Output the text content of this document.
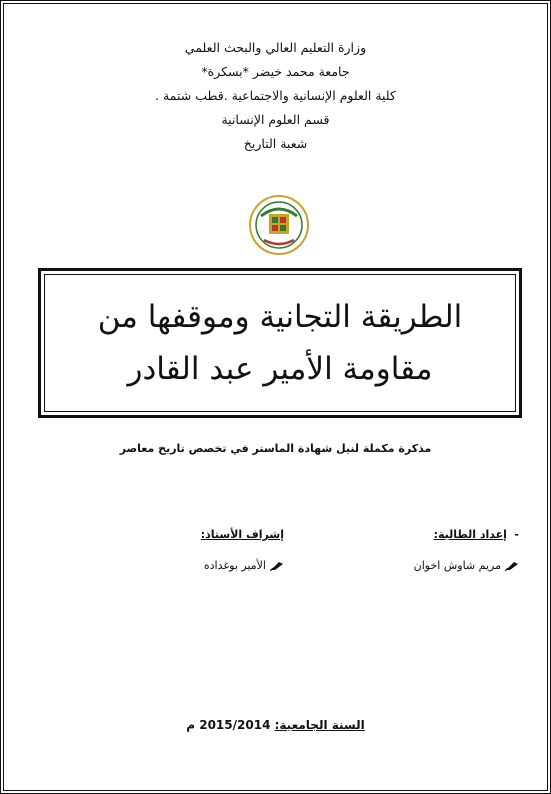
وزارة التعليم العالي والبحث العلمي

جامعة محمد خيضر *بسكرة*

كلية العلوم الإنسانية والاجتماعية .قطب شتمة .

قسم العلوم الإنسانية

شعبة التاريخ

الطريقة التجانية وموقفها من

مقاومة الأمير عبد القادر

مذكرة مكملة لنيل شهادة الماستر في تخصص تاريخ معاصر
- إعداد الطالبة:
مريم شاوش اخوان
إشراف الأستاذ:
الأمير بوغداده
السنة الجامعية: 2015/2014 م
